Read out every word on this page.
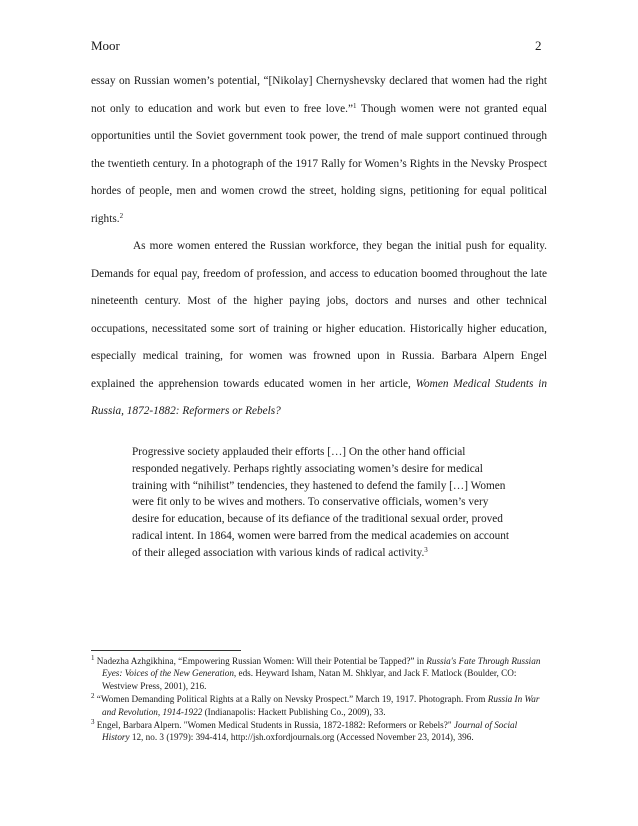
Moor	2

essay on Russian women’s potential, “[Nikolay] Chernyshevsky declared that women had the right not only to education and work but even to free love.”$^1$ Though women were not granted equal opportunities until the Soviet government took power, the trend of male support continued through the twentieth century. In a photograph of the 1917 Rally for Women’s Rights in the Nevsky Prospect hordes of people, men and women crowd the street, holding signs, petitioning for equal political rights.$^2$

As more women entered the Russian workforce, they began the initial push for equality. Demands for equal pay, freedom of profession, and access to education boomed throughout the late nineteenth century. Most of the higher paying jobs, doctors and nurses and other technical occupations, necessitated some sort of training or higher education. Historically higher education, especially medical training, for women was frowned upon in Russia. Barbara Alpern Engel explained the apprehension towards educated women in her article, Women Medical Students in Russia, 1872-1882: Reformers or Rebels?

Progressive society applauded their efforts […] On the other hand official responded negatively. Perhaps rightly associating women’s desire for medical training with “nihilist” tendencies, they hastened to defend the family […] Women were fit only to be wives and mothers. To conservative officials, women’s very desire for education, because of its defiance of the traditional sexual order, proved radical intent. In 1864, women were barred from the medical academies on account of their alleged association with various kinds of radical activity.$^3$

$^1$ Nadezha Azhgikhina, “Empowering Russian Women: Will their Potential be Tapped?” in Russia's Fate Through Russian Eyes: Voices of the New Generation, eds. Heyward Isham, Natan M. Shklyar, and Jack F. Matlock (Boulder, CO: Westview Press, 2001), 216.

$^2$ “Women Demanding Political Rights at a Rally on Nevsky Prospect.” March 19, 1917. Photograph. From Russia In War and Revolution, 1914-1922 (Indianapolis: Hackett Publishing Co., 2009), 33.

$^3$ Engel, Barbara Alpern. "Women Medical Students in Russia, 1872-1882: Reformers or Rebels?" Journal of Social History 12, no. 3 (1979): 394-414, http://jsh.oxfordjournals.org (Accessed November 23, 2014), 396.
